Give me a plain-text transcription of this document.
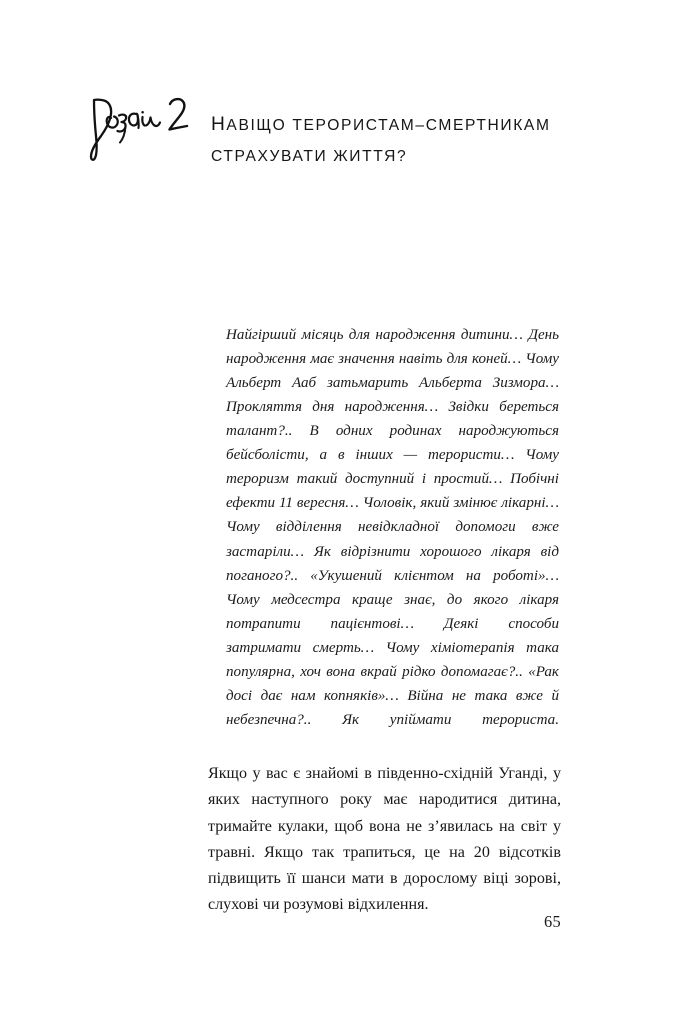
НАВІЩО ТЕРОРИСТАМ–СМЕРТНИКАМ
СТРАХУВАТИ ЖИТТЯ?

Найгірший місяць для народження дитини… День народження має значення навіть для коней… Чому Альберт Ааб затьмарить Альберта Зизмора… Прокляття дня народження… Звідки береться талант?.. В одних родинах народжуються бейсболісти, а в інших — терористи… Чому тероризм такий доступний і простий… Побічні ефекти 11 вересня… Чоловік, який змінює лікарні… Чому відділення невідкладної допомоги вже застаріли… Як відрізнити хорошого лікаря від поганого?.. «Укушений клієнтом на роботі»… Чому медсестра краще знає, до якого лікаря потрапити пацієнтові… Деякі способи затримати смерть… Чому хіміотерапія така популярна, хоч вона вкрай рідко допомагає?.. «Рак досі дає нам копняків»… Війна не така вже й небезпечна?.. Як упіймати терориста.

Якщо у вас є знайомі в південно-східній Уганді, у яких наступного року має народитися дитина, тримайте кулаки, щоб вона не з’явилась на світ у травні. Якщо так трапиться, це на 20 відсотків підвищить її шанси мати в дорослому віці зорові, слухові чи розумові відхилення.

65
